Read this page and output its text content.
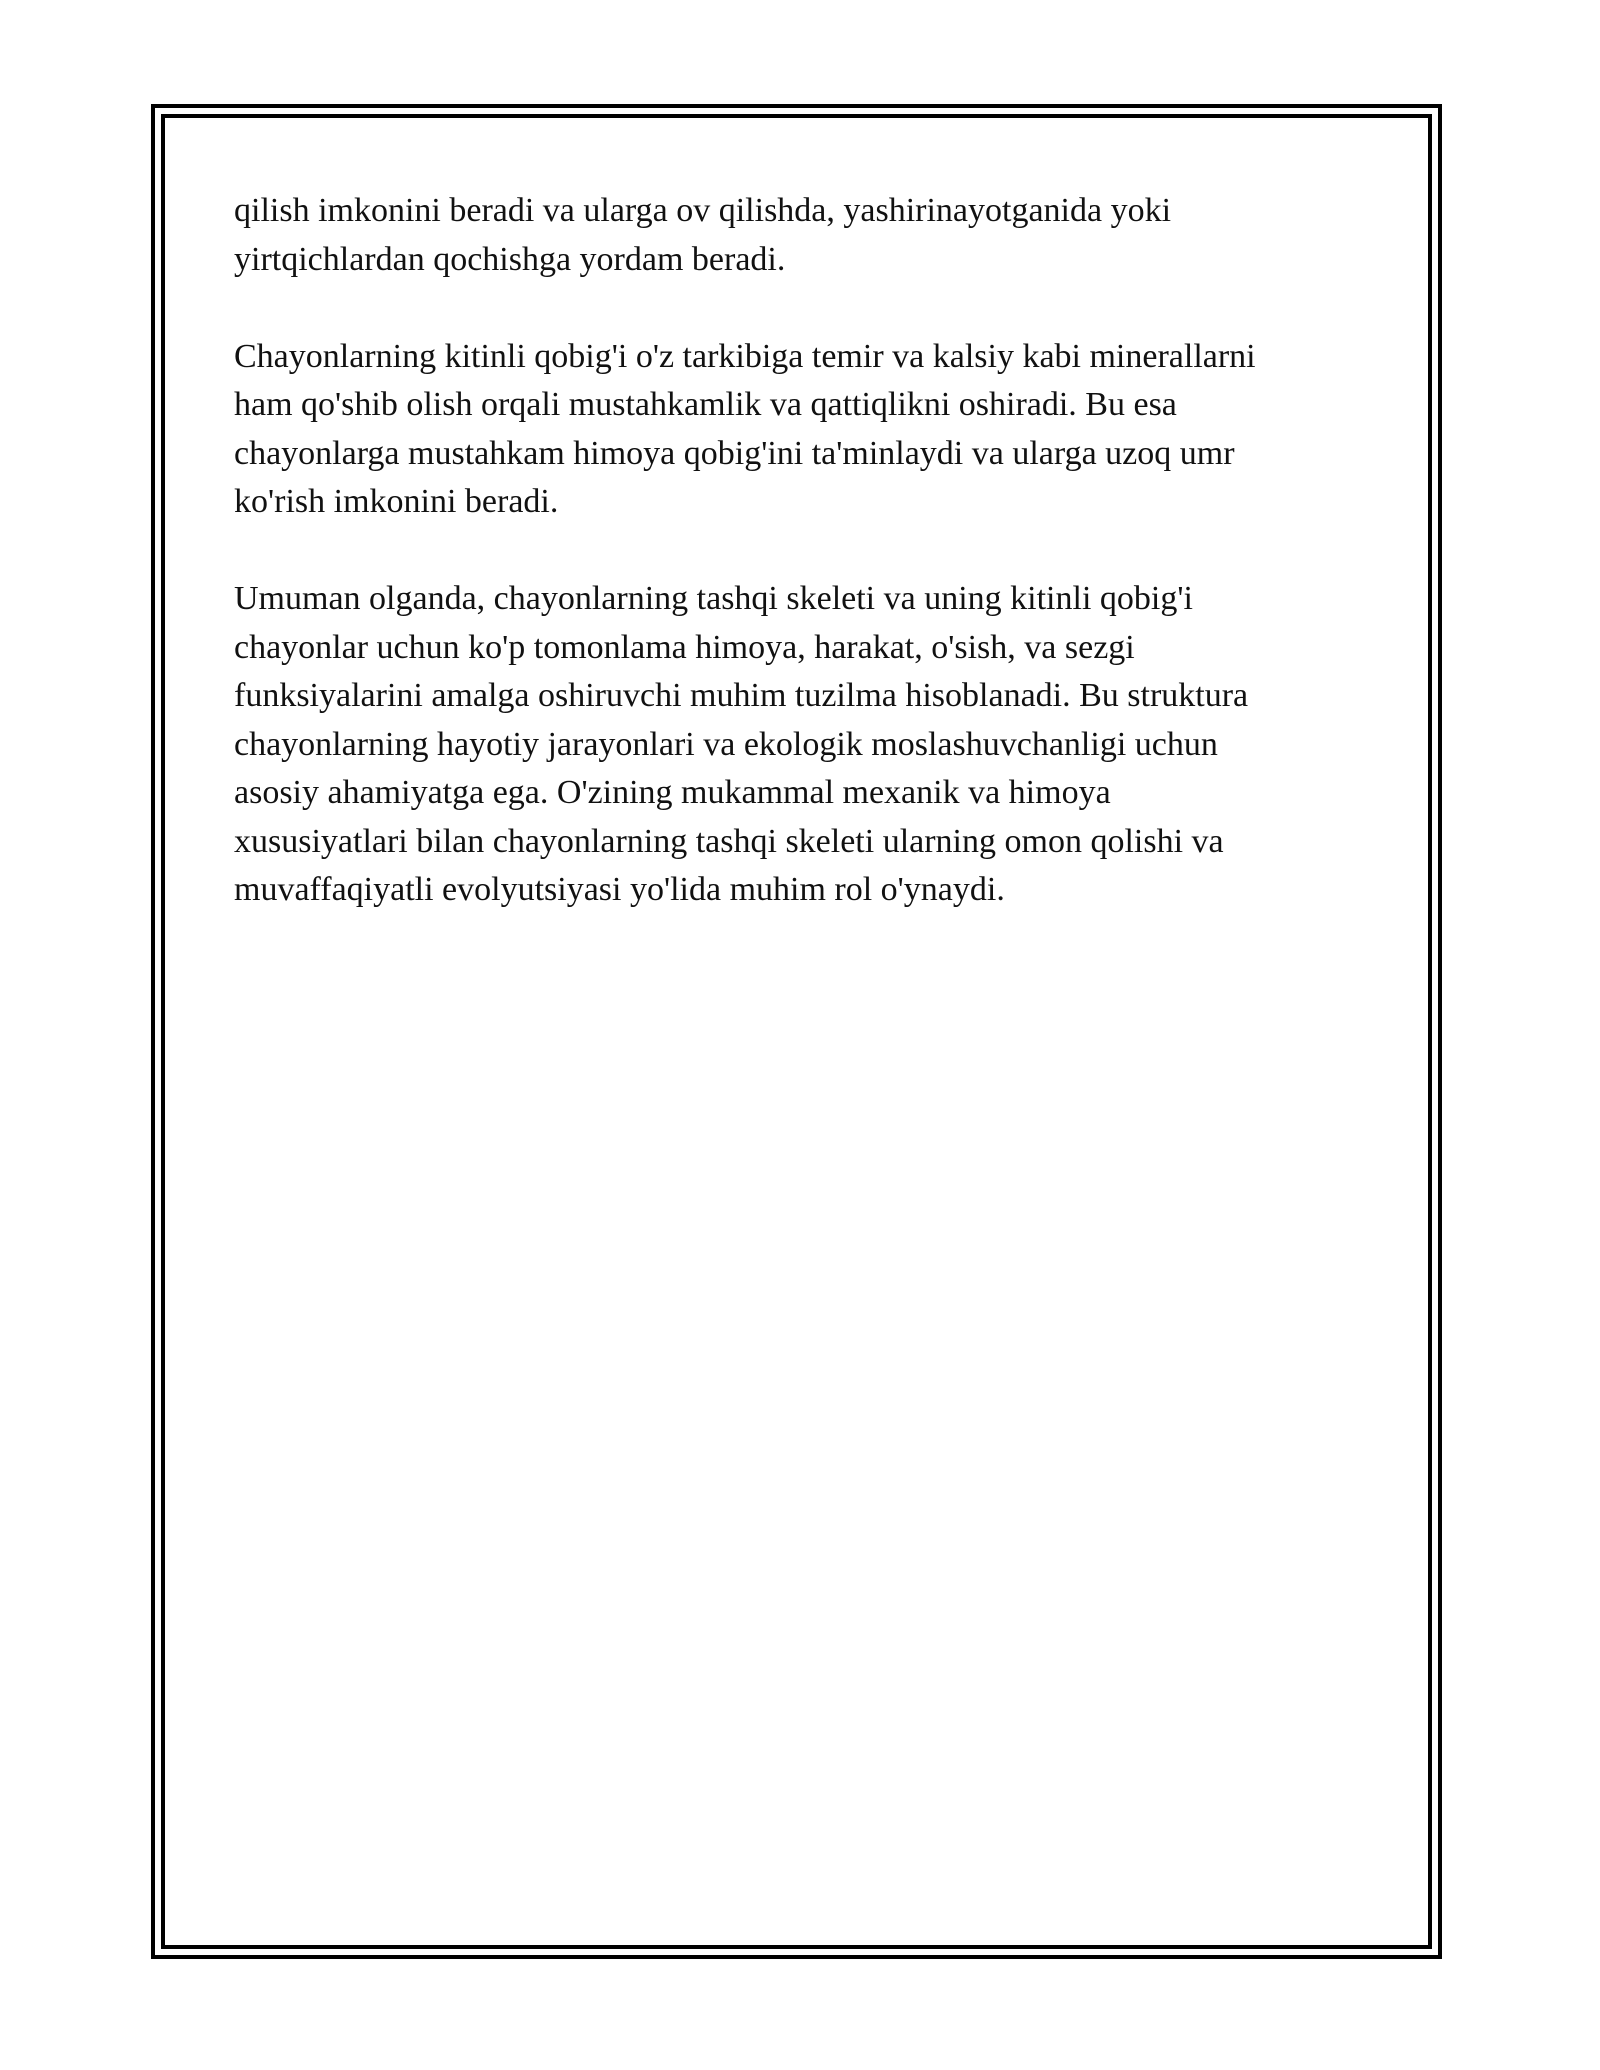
qilish imkonini beradi va ularga ov qilishda, yashirinayotganida yoki
yirtqichlardan qochishga yordam beradi.

Chayonlarning kitinli qobig'i o'z tarkibiga temir va kalsiy kabi minerallarni
ham qo'shib olish orqali mustahkamlik va qattiqlikni oshiradi. Bu esa
chayonlarga mustahkam himoya qobig'ini ta'minlaydi va ularga uzoq umr
ko'rish imkonini beradi.

Umuman olganda, chayonlarning tashqi skeleti va uning kitinli qobig'i
chayonlar uchun ko'p tomonlama himoya, harakat, o'sish, va sezgi
funksiyalarini amalga oshiruvchi muhim tuzilma hisoblanadi. Bu struktura
chayonlarning hayotiy jarayonlari va ekologik moslashuvchanligi uchun
asosiy ahamiyatga ega. O'zining mukammal mexanik va himoya
xususiyatlari bilan chayonlarning tashqi skeleti ularning omon qolishi va
muvaffaqiyatli evolyutsiyasi yo'lida muhim rol o'ynaydi.
